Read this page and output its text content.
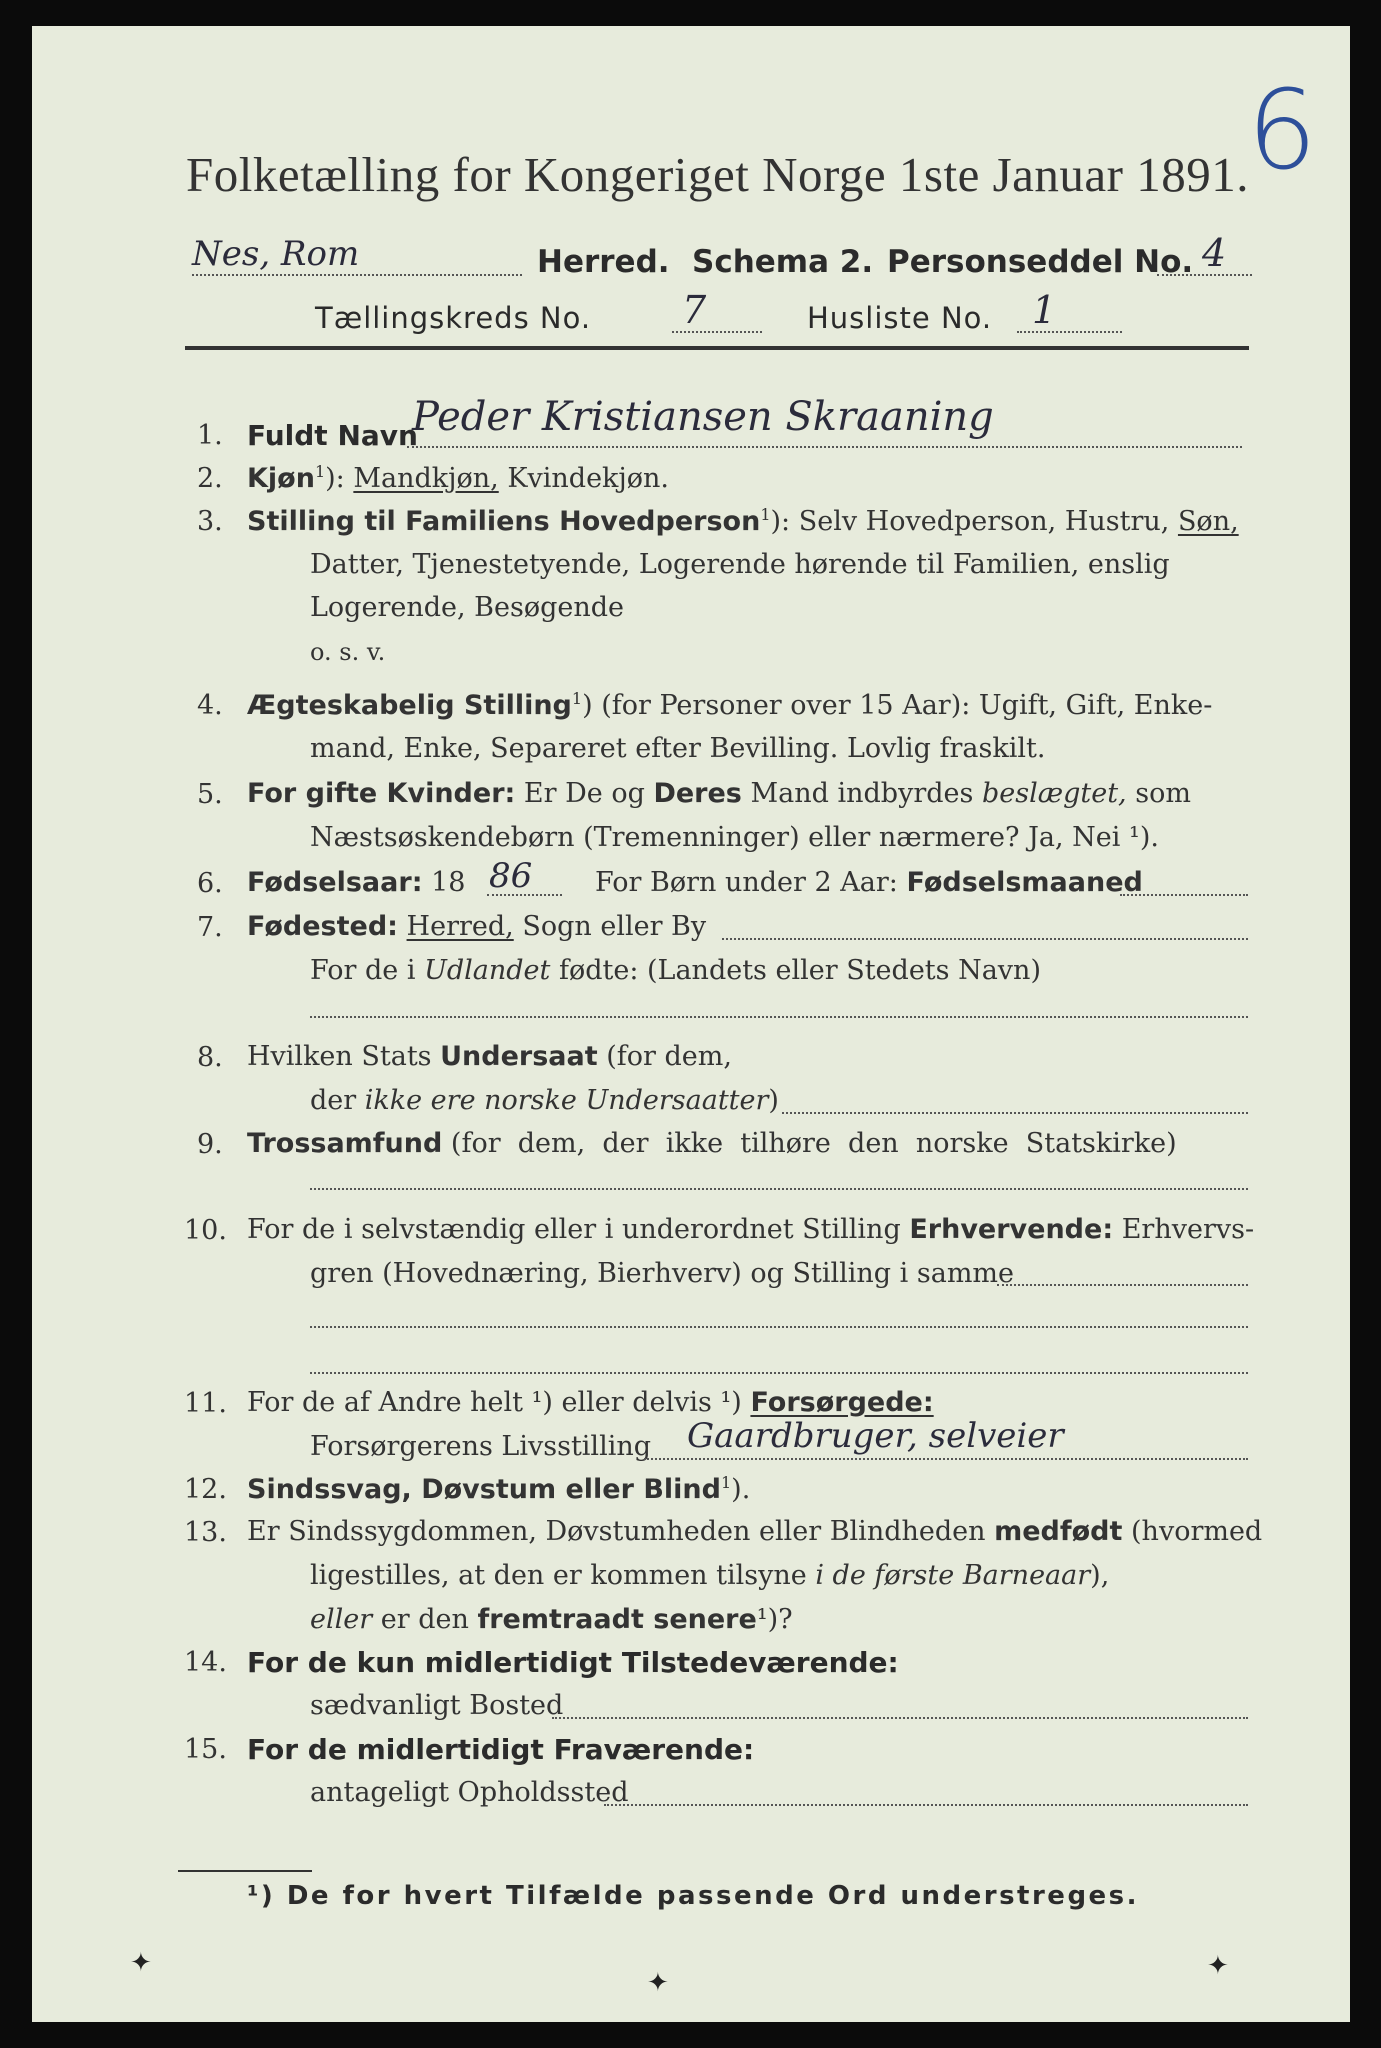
Folketælling for Kongeriget Norge 1ste Januar 1891.
6
Nes, Rom	Herred. Schema 2. Personseddel No. 4
Tællingskreds No. 7	Husliste No. 1
1. Fuldt Navn
Peder Kristiansen Skraaning
2. Kjøn$^1$): Mandkjøn, Kvindekjøn.
3. Stilling til Familiens Hovedperson$^1$): Selv Hovedperson, Hustru, Søn,
Datter, Tjenestetyende, Logerende hørende til Familien, enslig
Logerende, Besøgende
o. s. v.
4. Ægteskabelig Stilling$^1$) (for Personer over 15 Aar): Ugift, Gift, Enke-
mand, Enke, Separeret efter Bevilling. Lovlig fraskilt.
5. For gifte Kvinder: Er De og Deres Mand indbyrdes beslægtet, som
Næstsøskendebørn (Tremenninger) eller nærmere? Ja, Nei ¹).
6. Fødselsaar: 18 86 For Børn under 2 Aar: Fødselsmaaned
7. Fødested: Herred, Sogn eller By
For de i Udlandet fødte: (Landets eller Stedets Navn)
8. Hvilken Stats Undersaat (for dem,
der ikke ere norske Undersaatter)
9. Trossamfund (for  dem,  der  ikke  tilhøre  den  norske  Statskirke)
10. For de i selvstændig eller i underordnet Stilling Erhvervende: Erhvervs-
gren (Hovednæring, Bierhverv) og Stilling i samme
11. For de af Andre helt ¹) eller delvis ¹) Forsørgede:
Forsørgerens Livsstilling Gaardbruger, selveier
12. Sindssvag, Døvstum eller Blind$^1$).
13. Er Sindssygdommen, Døvstumheden eller Blindheden medfødt (hvormed
ligestilles, at den er kommen tilsyne i de første Barneaar),
eller er den fremtraadt senere¹)?
14. For de kun midlertidigt Tilstedeværende:
sædvanligt Bosted
15. For de midlertidigt Fraværende:
antageligt Opholdssted
¹) De for hvert Tilfælde passende Ord understreges.
✦
✦
✦
